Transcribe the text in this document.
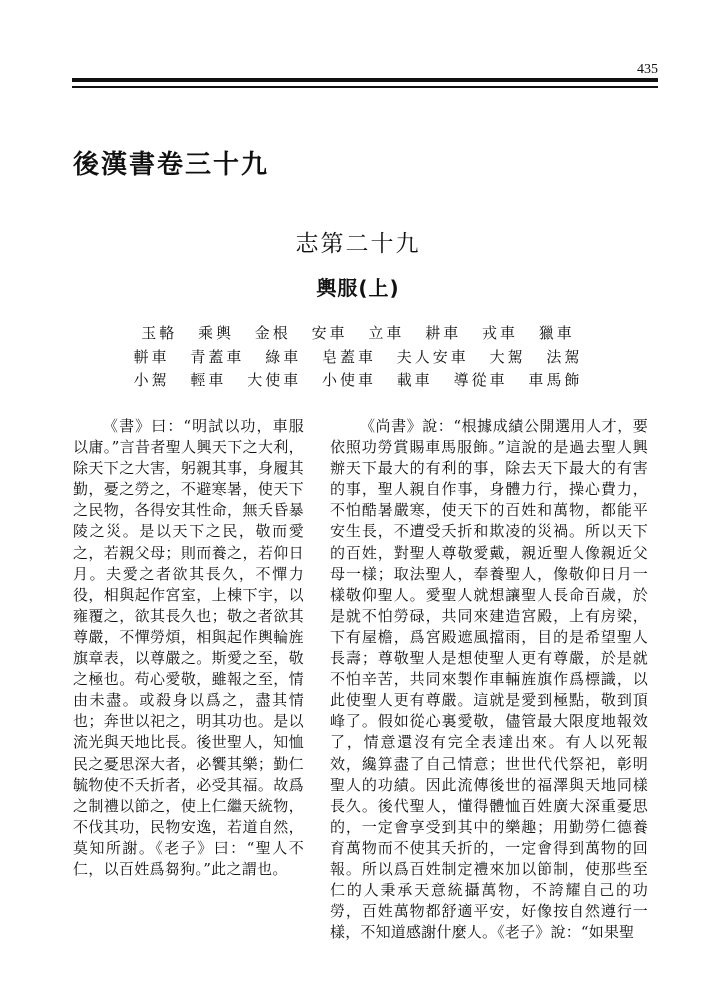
435
後漢書卷三十九
志第二十九
輿服(上)
玉輅 乘輿 金根 安車 立車 耕車 戎車 獵車
軿車 青蓋車 綠車 皂蓋車 夫人安車 大駕 法駕
小駕 輕車 大使車 小使車 載車 導從車 車馬飾

《書》曰：“明試以功，車服以庸。”言昔者聖人興天下之大利，除天下之大害，躬親其事，身履其勤，憂之勞之，不避寒暑，使天下之民物，各得安其性命，無夭昏暴陵之災。是以天下之民，敬而愛之，若親父母；則而養之，若仰日月。夫愛之者欲其長久，不憚力役，相與起作宮室，上棟下宇，以雍覆之，欲其長久也；敬之者欲其尊嚴，不憚勞煩，相與起作輿輪旌旗章表，以尊嚴之。斯愛之至，敬之極也。苟心愛敬，雖報之至，情由未盡。或殺身以爲之，盡其情也；奔世以祀之，明其功也。是以流光與天地比長。後世聖人，知恤民之憂思深大者，必饗其樂；勤仁毓物使不夭折者，必受其福。故爲之制禮以節之，使上仁繼天統物，不伐其功，民物安逸，若道自然，莫知所謝。《老子》曰：“聖人不仁，以百姓爲芻狗。”此之謂也。

《尚書》說：“根據成績公開選用人才，要依照功勞賞賜車馬服飾。”這說的是過去聖人興辦天下最大的有利的事，除去天下最大的有害的事，聖人親自作事，身體力行，操心費力，不怕酷暑嚴寒，使天下的百姓和萬物，都能平安生長，不遭受夭折和欺凌的災禍。所以天下的百姓，對聖人尊敬愛戴，親近聖人像親近父母一樣；取法聖人，奉養聖人，像敬仰日月一樣敬仰聖人。愛聖人就想讓聖人長命百歲，於是就不怕勞碌，共同來建造宮殿，上有房梁，下有屋檐，爲宮殿遮風擋雨，目的是希望聖人長壽；尊敬聖人是想使聖人更有尊嚴，於是就不怕辛苦，共同來製作車輛旌旗作爲標識，以此使聖人更有尊嚴。這就是愛到極點，敬到頂峰了。假如從心裏愛敬，儘管最大限度地報效了，情意還沒有完全表達出來。有人以死報效，纔算盡了自己情意；世世代代祭祀，彰明聖人的功績。因此流傳後世的福澤與天地同樣長久。後代聖人，懂得體恤百姓廣大深重憂思的，一定會享受到其中的樂趣；用勤勞仁德養育萬物而不使其夭折的，一定會得到萬物的回報。所以爲百姓制定禮來加以節制，使那些至仁的人秉承天意統攝萬物，不誇耀自己的功勞，百姓萬物都舒適平安，好像按自然遵行一樣，不知道感謝什麼人。《老子》說：“如果聖
